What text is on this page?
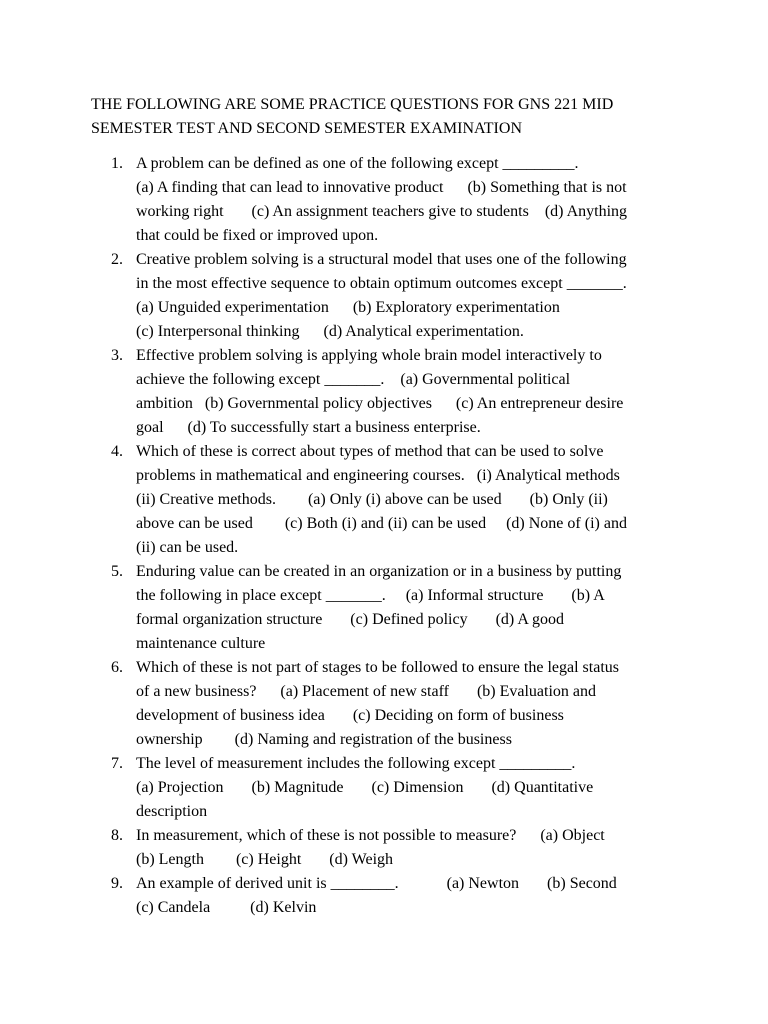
THE FOLLOWING ARE SOME PRACTICE QUESTIONS FOR GNS 221 MID SEMESTER TEST AND SECOND SEMESTER EXAMINATION
1. A problem can be defined as one of the following except _________.
(a) A finding that can lead to innovative product      (b) Something that is not
working right       (c) An assignment teachers give to students    (d) Anything
that could be fixed or improved upon.
2. Creative problem solving is a structural model that uses one of the following
in the most effective sequence to obtain optimum outcomes except _______.
(a) Unguided experimentation      (b) Exploratory experimentation
(c) Interpersonal thinking      (d) Analytical experimentation.
3. Effective problem solving is applying whole brain model interactively to
achieve the following except _______.    (a) Governmental political
ambition   (b) Governmental policy objectives      (c) An entrepreneur desire
goal      (d) To successfully start a business enterprise.
4. Which of these is correct about types of method that can be used to solve
problems in mathematical and engineering courses.   (i) Analytical methods
(ii) Creative methods.        (a) Only (i) above can be used       (b) Only (ii)
above can be used        (c) Both (i) and (ii) can be used     (d) None of (i) and
(ii) can be used.
5. Enduring value can be created in an organization or in a business by putting
the following in place except _______.     (a) Informal structure       (b) A
formal organization structure       (c) Defined policy       (d) A good
maintenance culture
6. Which of these is not part of stages to be followed to ensure the legal status
of a new business?      (a) Placement of new staff       (b) Evaluation and
development of business idea       (c) Deciding on form of business
ownership        (d) Naming and registration of the business
7. The level of measurement includes the following except _________.
(a) Projection       (b) Magnitude       (c) Dimension       (d) Quantitative
description
8. In measurement, which of these is not possible to measure?      (a) Object
(b) Length        (c) Height       (d) Weigh
9. An example of derived unit is ________.            (a) Newton       (b) Second
(c) Candela          (d) Kelvin
